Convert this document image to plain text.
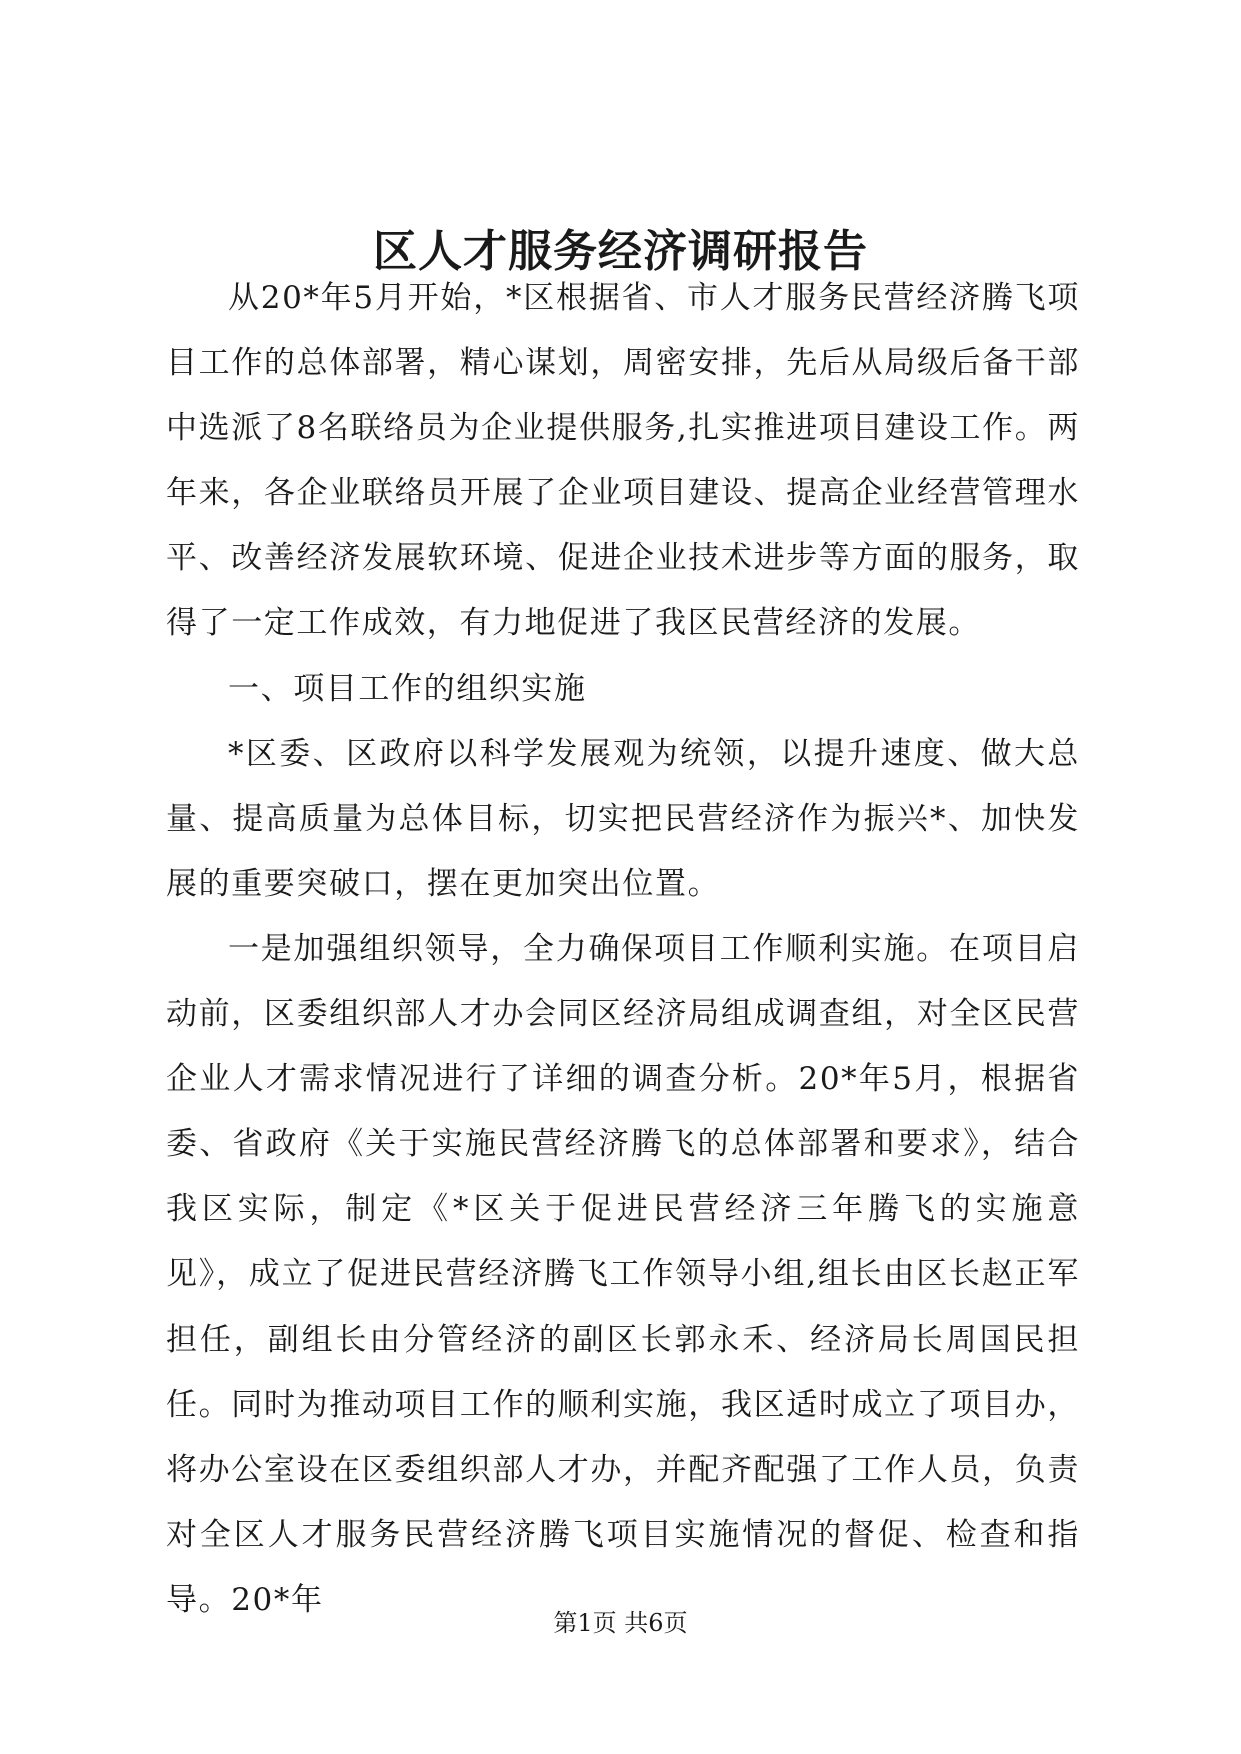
区人才服务经济调研报告

从20*年5月开始，*区根据省、市人才服务民营经济腾飞项目工作的总体部署，精心谋划，周密安排，先后从局级后备干部中选派了8名联络员为企业提供服务,扎实推进项目建设工作。两年来，各企业联络员开展了企业项目建设、提高企业经营管理水平、改善经济发展软环境、促进企业技术进步等方面的服务，取得了一定工作成效，有力地促进了我区民营经济的发展。

一、项目工作的组织实施

*区委、区政府以科学发展观为统领，以提升速度、做大总量、提高质量为总体目标，切实把民营经济作为振兴*、加快发展的重要突破口，摆在更加突出位置。

一是加强组织领导，全力确保项目工作顺利实施。在项目启动前，区委组织部人才办会同区经济局组成调查组，对全区民营企业人才需求情况进行了详细的调查分析。20*年5月，根据省委、省政府《关于实施民营经济腾飞的总体部署和要求》，结合我区实际，制定《*区关于促进民营经济三年腾飞的实施意见》，成立了促进民营经济腾飞工作领导小组,组长由区长赵正军担任，副组长由分管经济的副区长郭永禾、经济局长周国民担任。同时为推动项目工作的顺利实施，我区适时成立了项目办，将办公室设在区委组织部人才办，并配齐配强了工作人员，负责对全区人才服务民营经济腾飞项目实施情况的督促、检查和指导。20*年

第1页 共6页
